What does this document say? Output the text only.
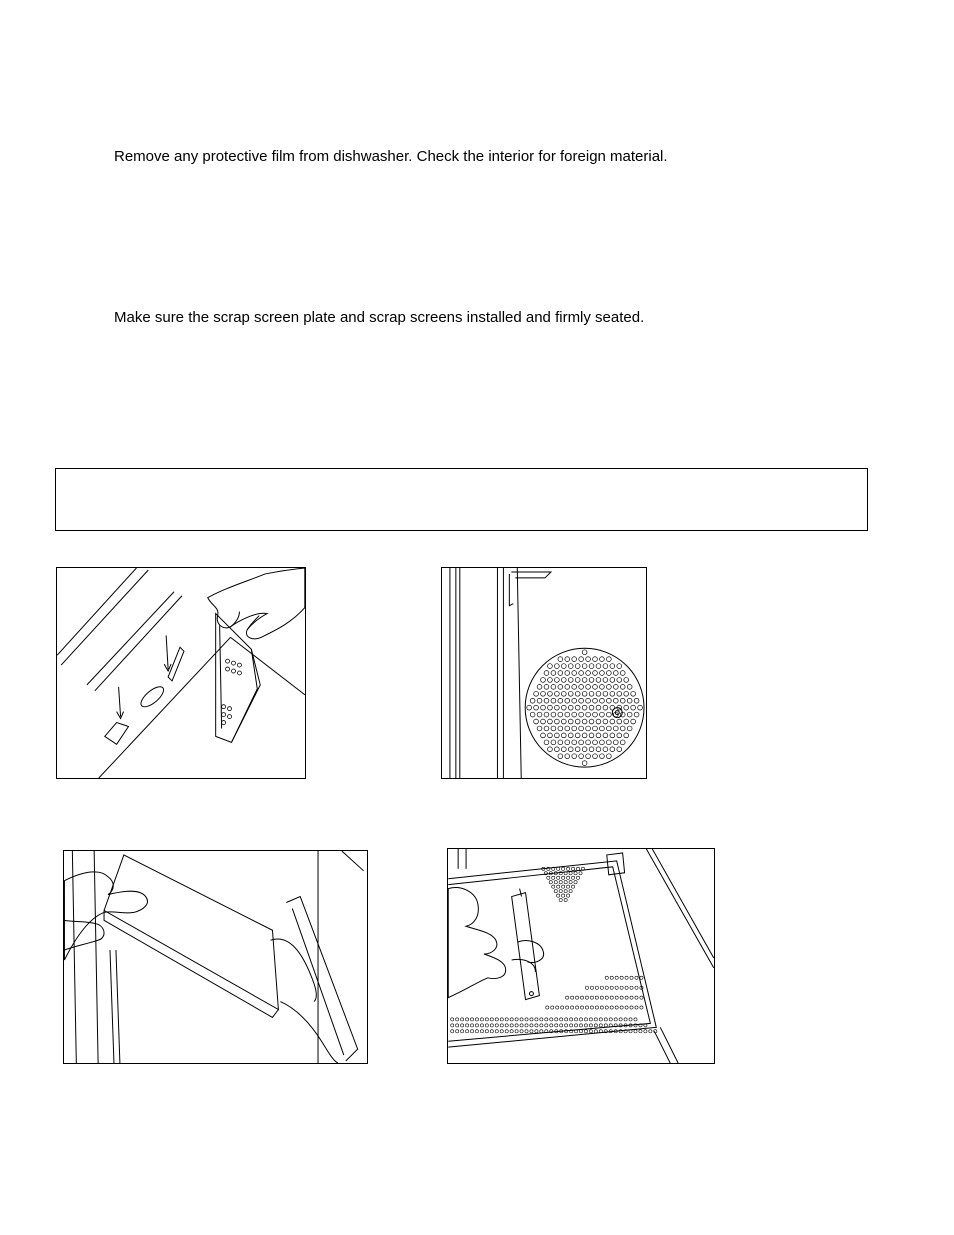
Remove any protective film from dishwasher. Check the interior for foreign material.

Make sure the scrap screen plate and scrap screens installed and firmly seated.
